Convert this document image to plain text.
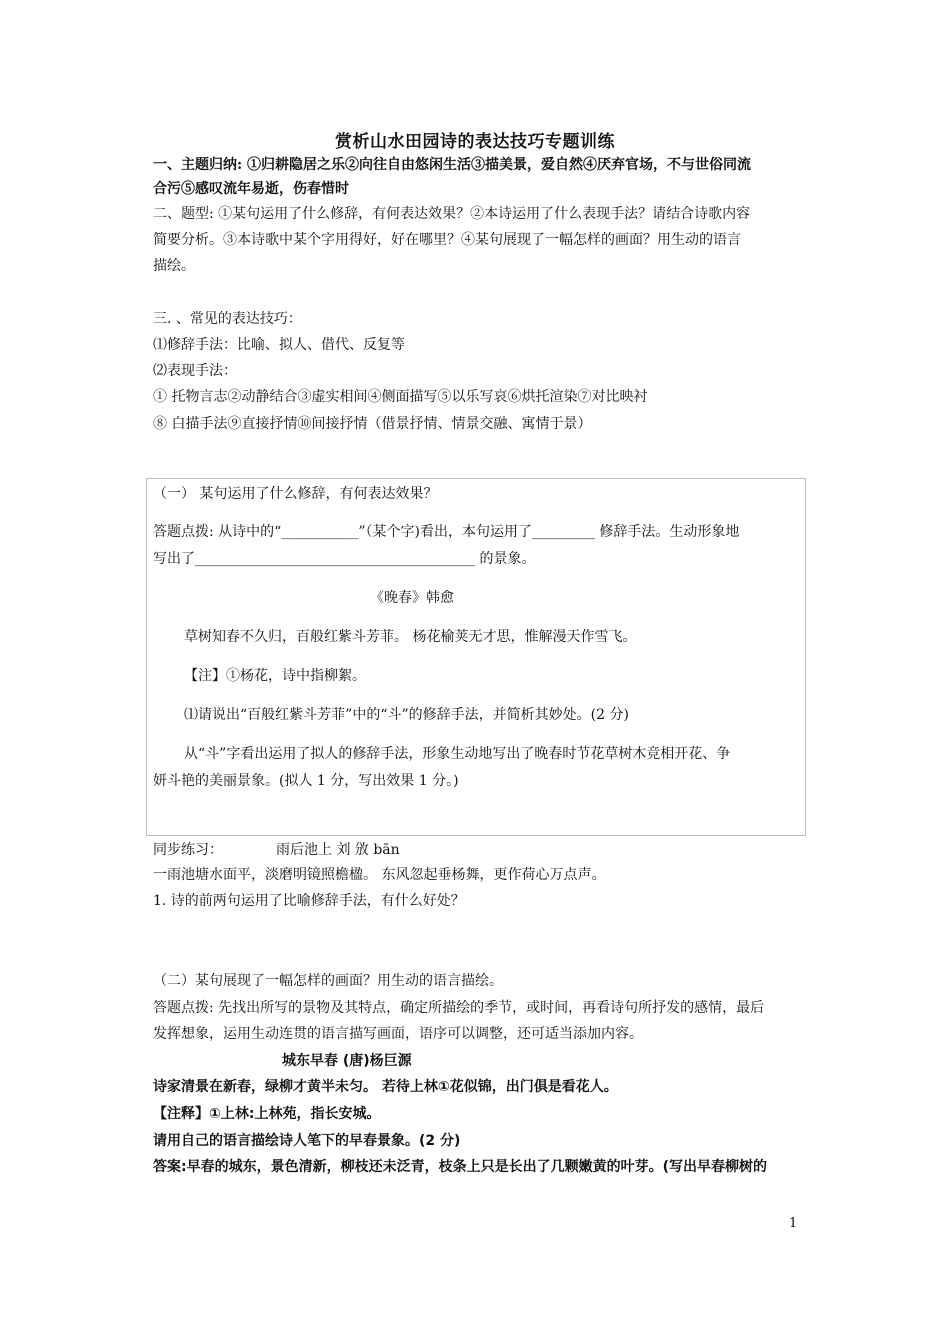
赏析山水田园诗的表达技巧专题训练
一、主题归纳: ①归耕隐居之乐②向往自由悠闲生活③描美景，爱自然④厌弃官场，不与世俗同流
合污⑤感叹流年易逝，伤春惜时
二、题型: ①某句运用了什么修辞，有何表达效果？②本诗运用了什么表现手法？请结合诗歌内容
简要分析。③本诗歌中某个字用得好，好在哪里？④某句展现了一幅怎样的画面？用生动的语言
描绘。
三. 、常见的表达技巧：
⑴修辞手法：比喻、拟人、借代、反复等
⑵表现手法：
① 托物言志②动静结合③虚实相间④侧面描写⑤以乐写哀⑥烘托渲染⑦对比映衬
⑧ 白描手法⑨直接抒情⑩间接抒情（借景抒情、情景交融、寓情于景）
（一） 某句运用了什么修辞，有何表达效果？
答题点拨: 从诗中的“___________”（某个字)看出，本句运用了_________ 修辞手法。生动形象地
写出了________________________________________ 的景象。
《晚春》韩愈
草树知春不久归，百般红紫斗芳菲。 杨花榆荚无才思，惟解漫天作雪飞。
【注】①杨花，诗中指柳絮。
⑴请说出“百般红紫斗芳菲”中的“斗”的修辞手法，并简析其妙处。(2 分)
从“斗”字看出运用了拟人的修辞手法，形象生动地写出了晚春时节花草树木竞相开花、争
妍斗艳的美丽景象。(拟人 1 分，写出效果 1 分。)
同步练习：	雨后池上 刘 攽 bān
一雨池塘水面平，淡磨明镜照檐楹。 东风忽起垂杨舞，更作荷心万点声。
1. 诗的前两句运用了比喻修辞手法，有什么好处？
（二）某句展现了一幅怎样的画面？用生动的语言描绘。
答题点拨: 先找出所写的景物及其特点，确定所描绘的季节，或时间，再看诗句所抒发的感情，最后
发挥想象，运用生动连贯的语言描写画面，语序可以调整，还可适当添加内容。
城东早春 (唐)杨巨源
诗家清景在新春，绿柳才黄半未匀。 若待上林①花似锦，出门俱是看花人。
【注释】①上林:上林苑，指长安城。
请用自己的语言描绘诗人笔下的早春景象。(2 分)
答案:早春的城东，景色清新，柳枝还未泛青，枝条上只是长出了几颗嫩黄的叶芽。(写出早春柳树的
1
